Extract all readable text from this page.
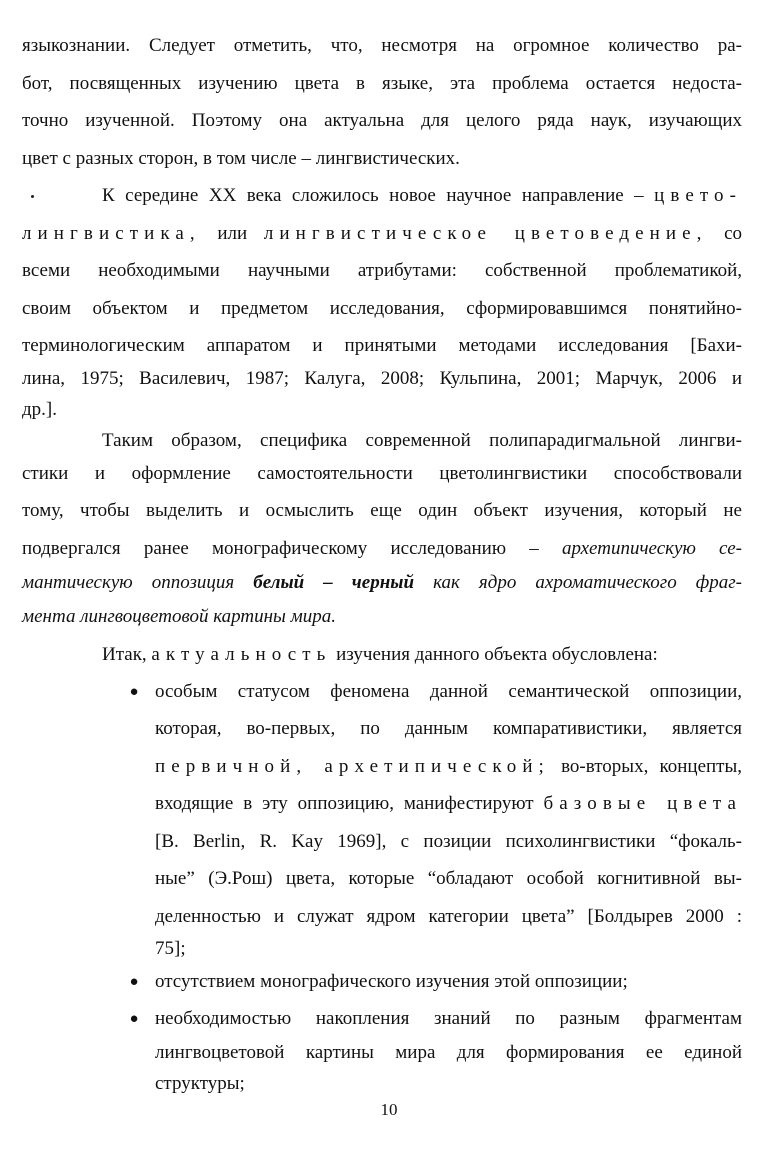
языкознании. Следует отметить, что, несмотря на огромное количество ра-
бот, посвященных изучению цвета в языке, эта проблема остается недоста-
точно изученной. Поэтому она актуальна для целого ряда наук, изучающих
цвет с разных сторон, в том числе – лингвистических.
К середине XX века сложилось новое научное направление – цвето-
лингвистика, или лингвистическое цветоведение, со
всеми необходимыми научными атрибутами: собственной проблематикой,
своим объектом и предметом исследования, сформировавшимся понятийно-
терминологическим аппаратом и принятыми методами исследования [Бахи-
лина, 1975; Василевич, 1987; Калуга, 2008; Кульпина, 2001; Марчук, 2006 и
др.].
Таким образом, специфика современной полипарадигмальной лингви-
стики и оформление самостоятельности цветолингвистики способствовали
тому, чтобы выделить и осмыслить еще один объект изучения, который не
подвергался ранее монографическому исследованию – архетипическую се-
мантическую оппозиция белый – черный как ядро ахроматического фраг-
мента лингвоцветовой картины мира.
Итак, актуальность изучения данного объекта обусловлена:
● особым статусом феномена данной семантической оппозиции,
которая, во-первых, по данным компаративистики, является
первичной, архетипической; во-вторых, концепты,
входящие в эту оппозицию, манифестируют базовые цвета
[B. Berlin, R. Kay 1969], с позиции психолингвистики “фокаль-
ные” (Э.Рош) цвета, которые “обладают особой когнитивной вы-
деленностью и служат ядром категории цвета” [Болдырев 2000 :
75];
● отсутствием монографического изучения этой оппозиции;
● необходимостью накопления знаний по разным фрагментам
лингвоцветовой картины мира для формирования ее единой
структуры;
10
